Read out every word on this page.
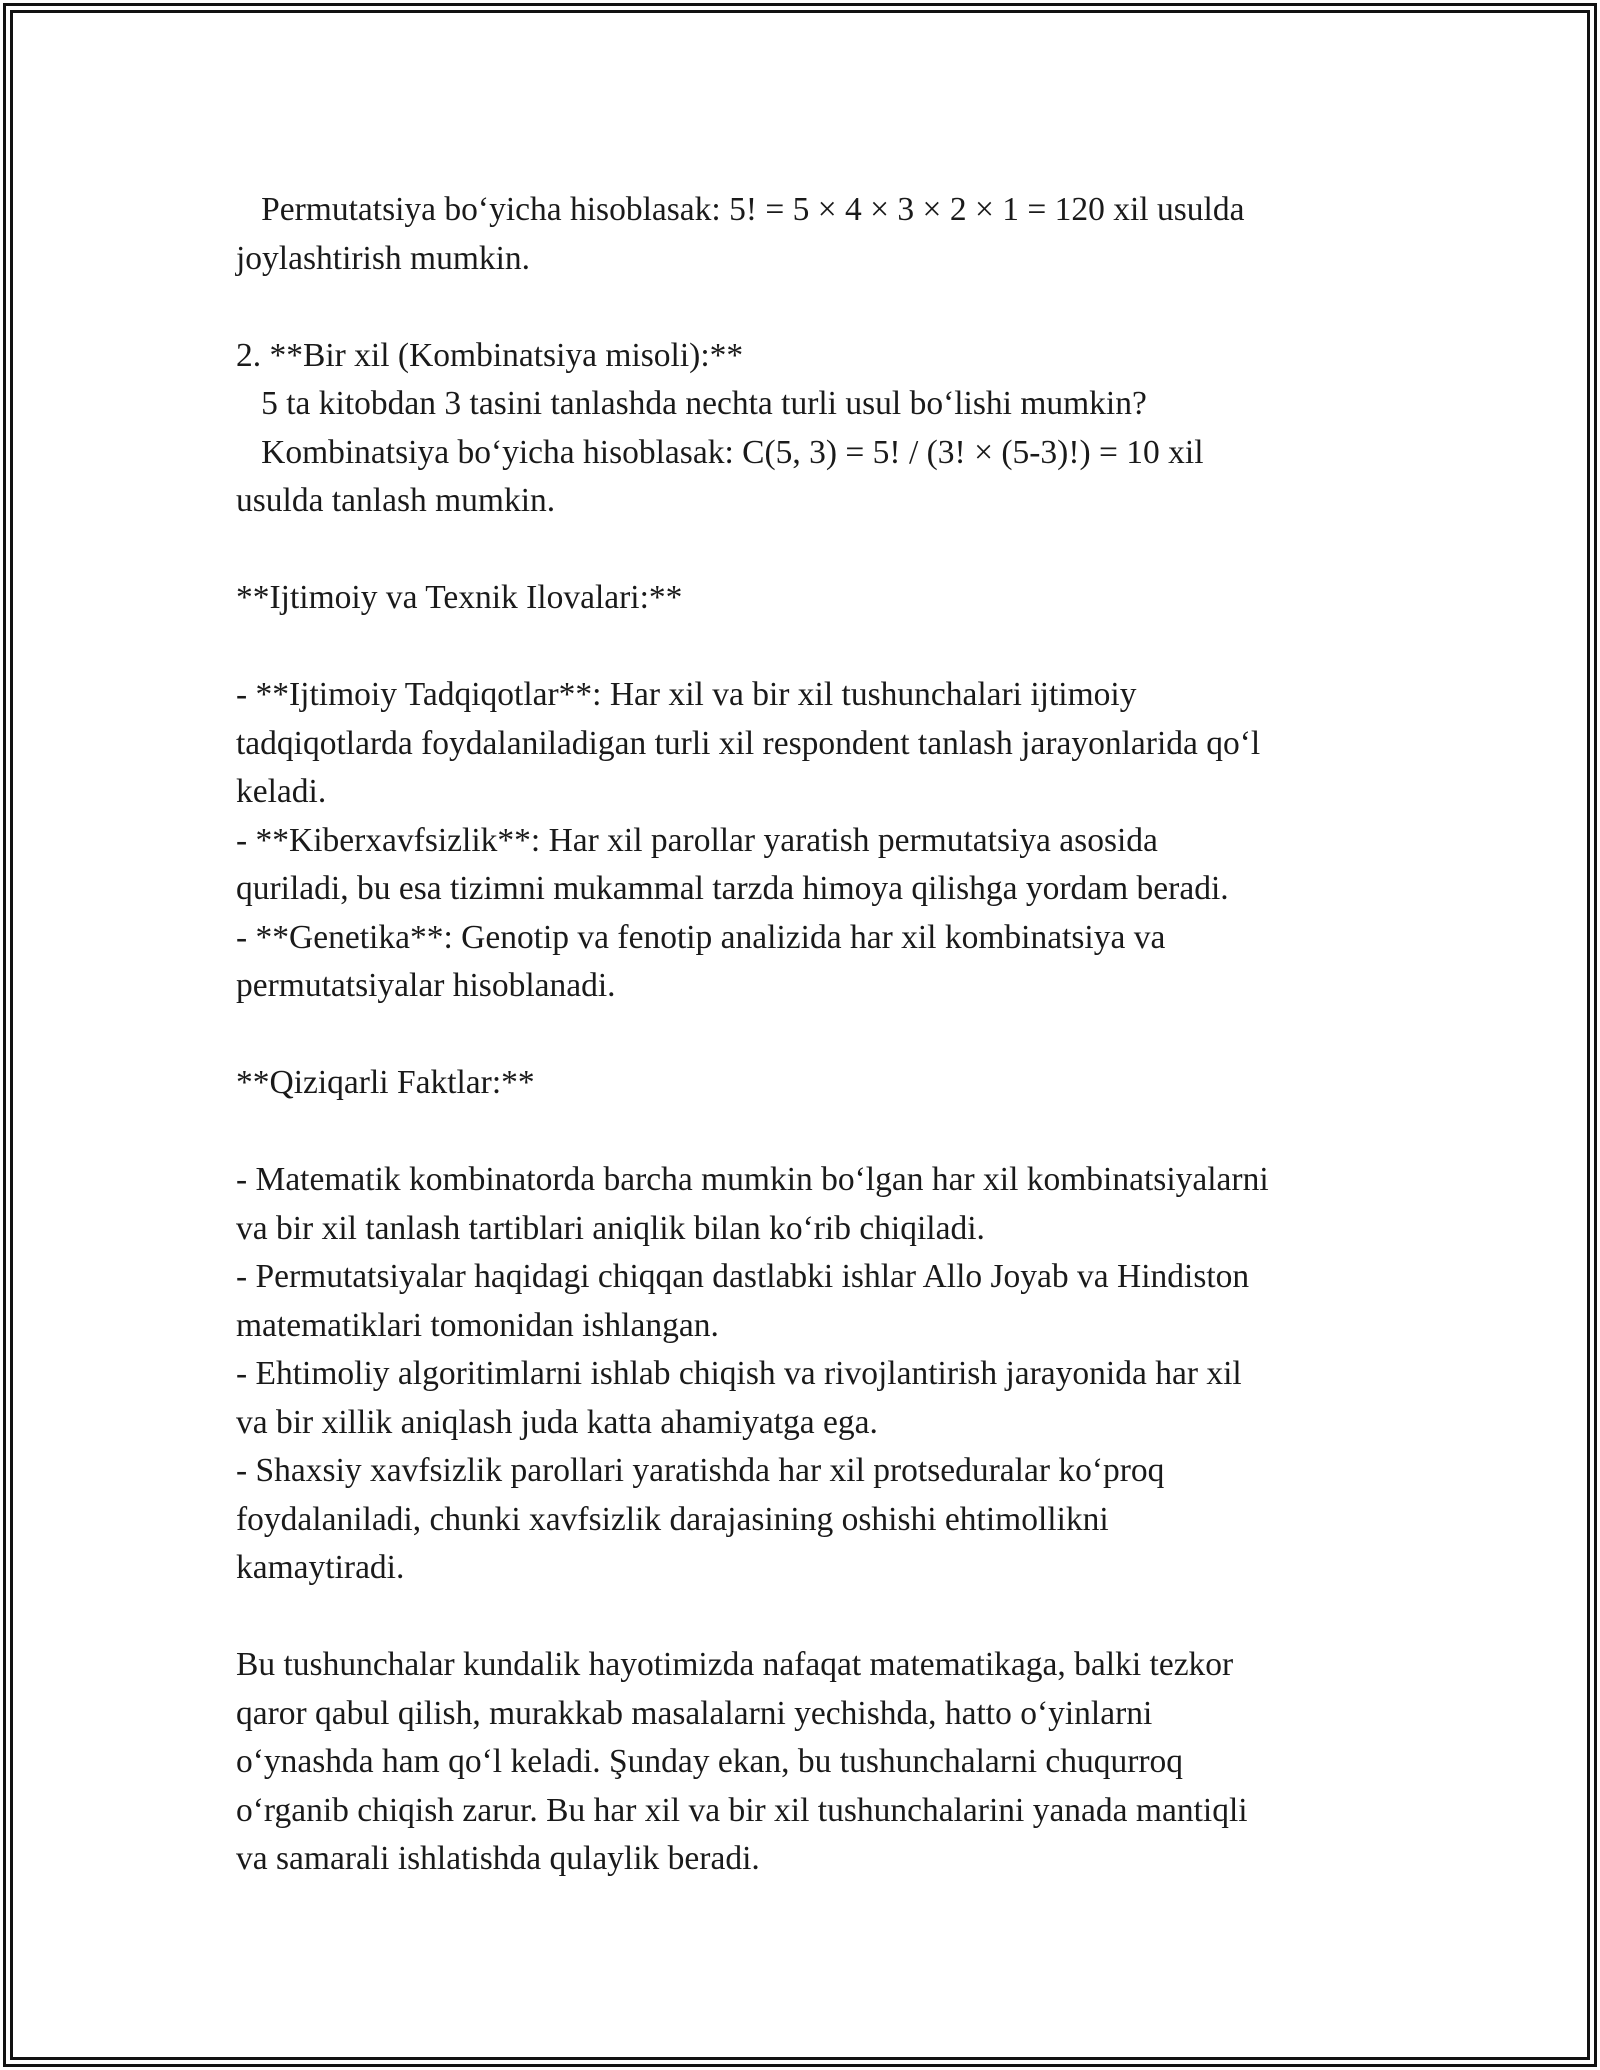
Permutatsiya bo‘yicha hisoblasak: 5! = 5 × 4 × 3 × 2 × 1 = 120 xil usulda
joylashtirish mumkin.
2. **Bir xil (Kombinatsiya misoli):**
5 ta kitobdan 3 tasini tanlashda nechta turli usul bo‘lishi mumkin?
Kombinatsiya bo‘yicha hisoblasak: C(5, 3) = 5! / (3! × (5-3)!) = 10 xil
usulda tanlash mumkin.
**Ijtimoiy va Texnik Ilovalari:**
- **Ijtimoiy Tadqiqotlar**: Har xil va bir xil tushunchalari ijtimoiy
tadqiqotlarda foydalaniladigan turli xil respondent tanlash jarayonlarida qo‘l
keladi.
- **Kiberxavfsizlik**: Har xil parollar yaratish permutatsiya asosida
quriladi, bu esa tizimni mukammal tarzda himoya qilishga yordam beradi.
- **Genetika**: Genotip va fenotip analizida har xil kombinatsiya va
permutatsiyalar hisoblanadi.
**Qiziqarli Faktlar:**
- Matematik kombinatorda barcha mumkin bo‘lgan har xil kombinatsiyalarni
va bir xil tanlash tartiblari aniqlik bilan ko‘rib chiqiladi.
- Permutatsiyalar haqidagi chiqqan dastlabki ishlar Allo Joyab va Hindiston
matematiklari tomonidan ishlangan.
- Ehtimoliy algoritimlarni ishlab chiqish va rivojlantirish jarayonida har xil
va bir xillik aniqlash juda katta ahamiyatga ega.
- Shaxsiy xavfsizlik parollari yaratishda har xil protseduralar ko‘proq
foydalaniladi, chunki xavfsizlik darajasining oshishi ehtimollikni
kamaytiradi.
Bu tushunchalar kundalik hayotimizda nafaqat matematikaga, balki tezkor
qaror qabul qilish, murakkab masalalarni yechishda, hatto o‘yinlarni
o‘ynashda ham qo‘l keladi. Şunday ekan, bu tushunchalarni chuqurroq
o‘rganib chiqish zarur. Bu har xil va bir xil tushunchalarini yanada mantiqli
va samarali ishlatishda qulaylik beradi.
